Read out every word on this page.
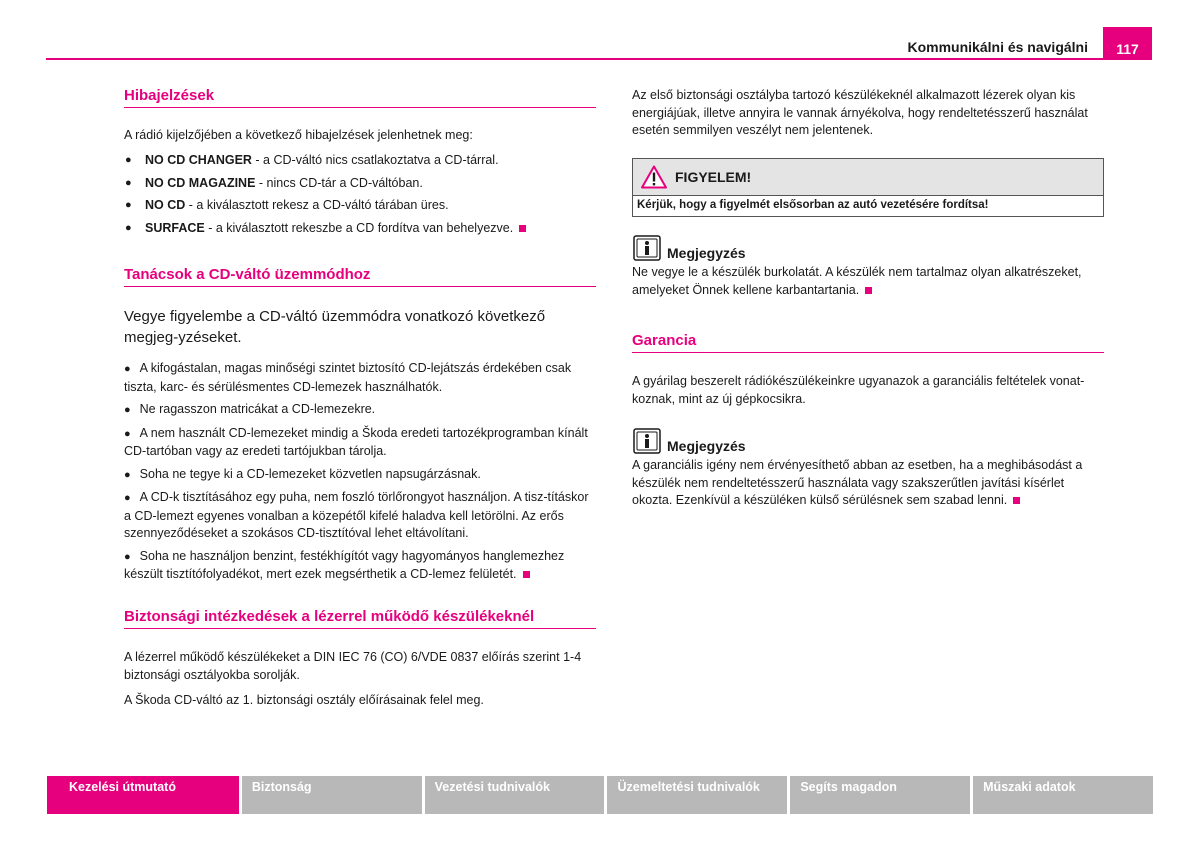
Kommunikálni és navigálni	117
Hibajelzések

A rádió kijelzőjében a következő hibajelzések jelenhetnek meg:

● NO CD CHANGER - a CD-váltó nics csatlakoztatva a CD-tárral.
● NO CD MAGAZINE - nincs CD-tár a CD-váltóban.
● NO CD - a kiválasztott rekesz a CD-váltó tárában üres.
● SURFACE - a kiválasztott rekeszbe a CD fordítva van behelyezve.
Tanácsok a CD-váltó üzemmódhoz

Vegye figyelembe a CD-váltó üzemmódra vonatkozó következő megjeg-yzéseket.

● A kifogástalan, magas minőségi szintet biztosító CD-lejátszás érdekében csak tiszta, karc- és sérülésmentes CD-lemezek használhatók.
● Ne ragasszon matricákat a CD-lemezekre.
● A nem használt CD-lemezeket mindig a Škoda eredeti tartozékprogramban kínált CD-tartóban vagy az eredeti tartójukban tárolja.
● Soha ne tegye ki a CD-lemezeket közvetlen napsugárzásnak.
● A CD-k tisztításához egy puha, nem foszló törlőrongyot használjon. A tisz-tításkor a CD-lemezt egyenes vonalban a közepétől kifelé haladva kell letörölni. Az erős szennyeződéseket a szokásos CD-tisztítóval lehet eltávolítani.
● Soha ne használjon benzint, festékhígítót vagy hagyományos hanglemezhez készült tisztítófolyadékot, mert ezek megsérthetik a CD-lemez felületét.
Biztonsági intézkedések a lézerrel működő készülékeknél

A lézerrel működő készülékeket a DIN IEC 76 (CO) 6/VDE 0837 előírás szerint 1-4 biztonsági osztályokba sorolják.

A Škoda CD-váltó az 1. biztonsági osztály előírásainak felel meg.

Az első biztonsági osztályba tartozó készülékeknél alkalmazott lézerek olyan kis energiájúak, illetve annyira le vannak árnyékolva, hogy rendeltetésszerű használat esetén semmilyen veszélyt nem jelentenek.

FIGYELEM!
Kérjük, hogy a figyelmét elsősorban az autó vezetésére fordítsa!
Megjegyzés
Ne vegye le a készülék burkolatát. A készülék nem tartalmaz olyan alkatrészeket, amelyeket Önnek kellene karbantartania.
Garancia

A gyárilag beszerelt rádiókészülékeinkre ugyanazok a garanciális feltételek vonat-koznak, mint az új gépkocsikra.

Megjegyzés
A garanciális igény nem érvényesíthető abban az esetben, ha a meghibásodást a készülék nem rendeltetésszerű használata vagy szakszerűtlen javítási kísérlet okozta. Ezenkívül a készüléken külső sérülésnek sem szabad lenni.
Kezelési útmutató	Biztonság	Vezetési tudnivalók	Üzemeltetési tudnivalók	Segíts magadon	Műszaki adatok
